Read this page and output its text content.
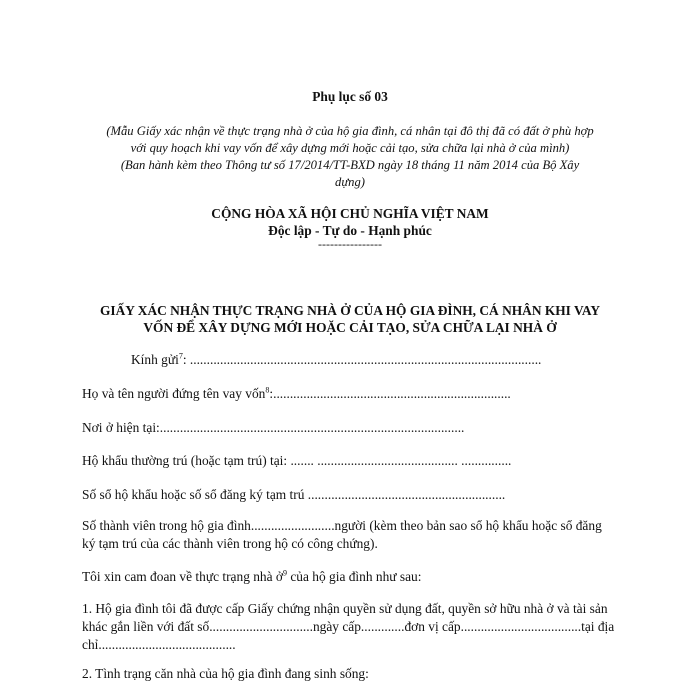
Phụ lục số 03
(Mẫu Giấy xác nhận về thực trạng nhà ở của hộ gia đình, cá nhân tại đô thị đã có đất ở phù hợp
với quy hoạch khi vay vốn để xây dựng mới hoặc cải tạo, sửa chữa lại nhà ở của mình)
(Ban hành kèm theo Thông tư số 17/2014/TT-BXD ngày 18 tháng 11 năm 2014 của Bộ Xây
dựng)
CỘNG HÒA XÃ HỘI CHỦ NGHĨA VIỆT NAM
Độc lập - Tự do - Hạnh phúc
----------------
GIẤY XÁC NHẬN THỰC TRẠNG NHÀ Ở CỦA HỘ GIA ĐÌNH, CÁ NHÂN KHI VAY
VỐN ĐỂ XÂY DỰNG MỚI HOẶC CẢI TẠO, SỬA CHỮA LẠI NHÀ Ở
Kính gửi$^7$: .........................................................................................................
Họ và tên người đứng tên vay vốn$^8$:.......................................................................
Nơi ở hiện tại:...........................................................................................
Hộ khẩu thường trú (hoặc tạm trú) tại: ....... .......................................... ...............
Số sổ hộ khẩu hoặc số sổ đăng ký tạm trú ...........................................................
Số thành viên trong hộ gia đình.........................người (kèm theo bản sao sổ hộ khẩu hoặc sổ đăng ký tạm trú của các thành viên trong hộ có công chứng).
Tôi xin cam đoan về thực trạng nhà ở$^9$ của hộ gia đình như sau:
1. Hộ gia đình tôi đã được cấp Giấy chứng nhận quyền sử dụng đất, quyền sở hữu nhà ở và tài sản khác gắn liền với đất số...............................ngày cấp.............đơn vị cấp....................................tại địa chỉ.........................................
2. Tình trạng căn nhà của hộ gia đình đang sinh sống:
